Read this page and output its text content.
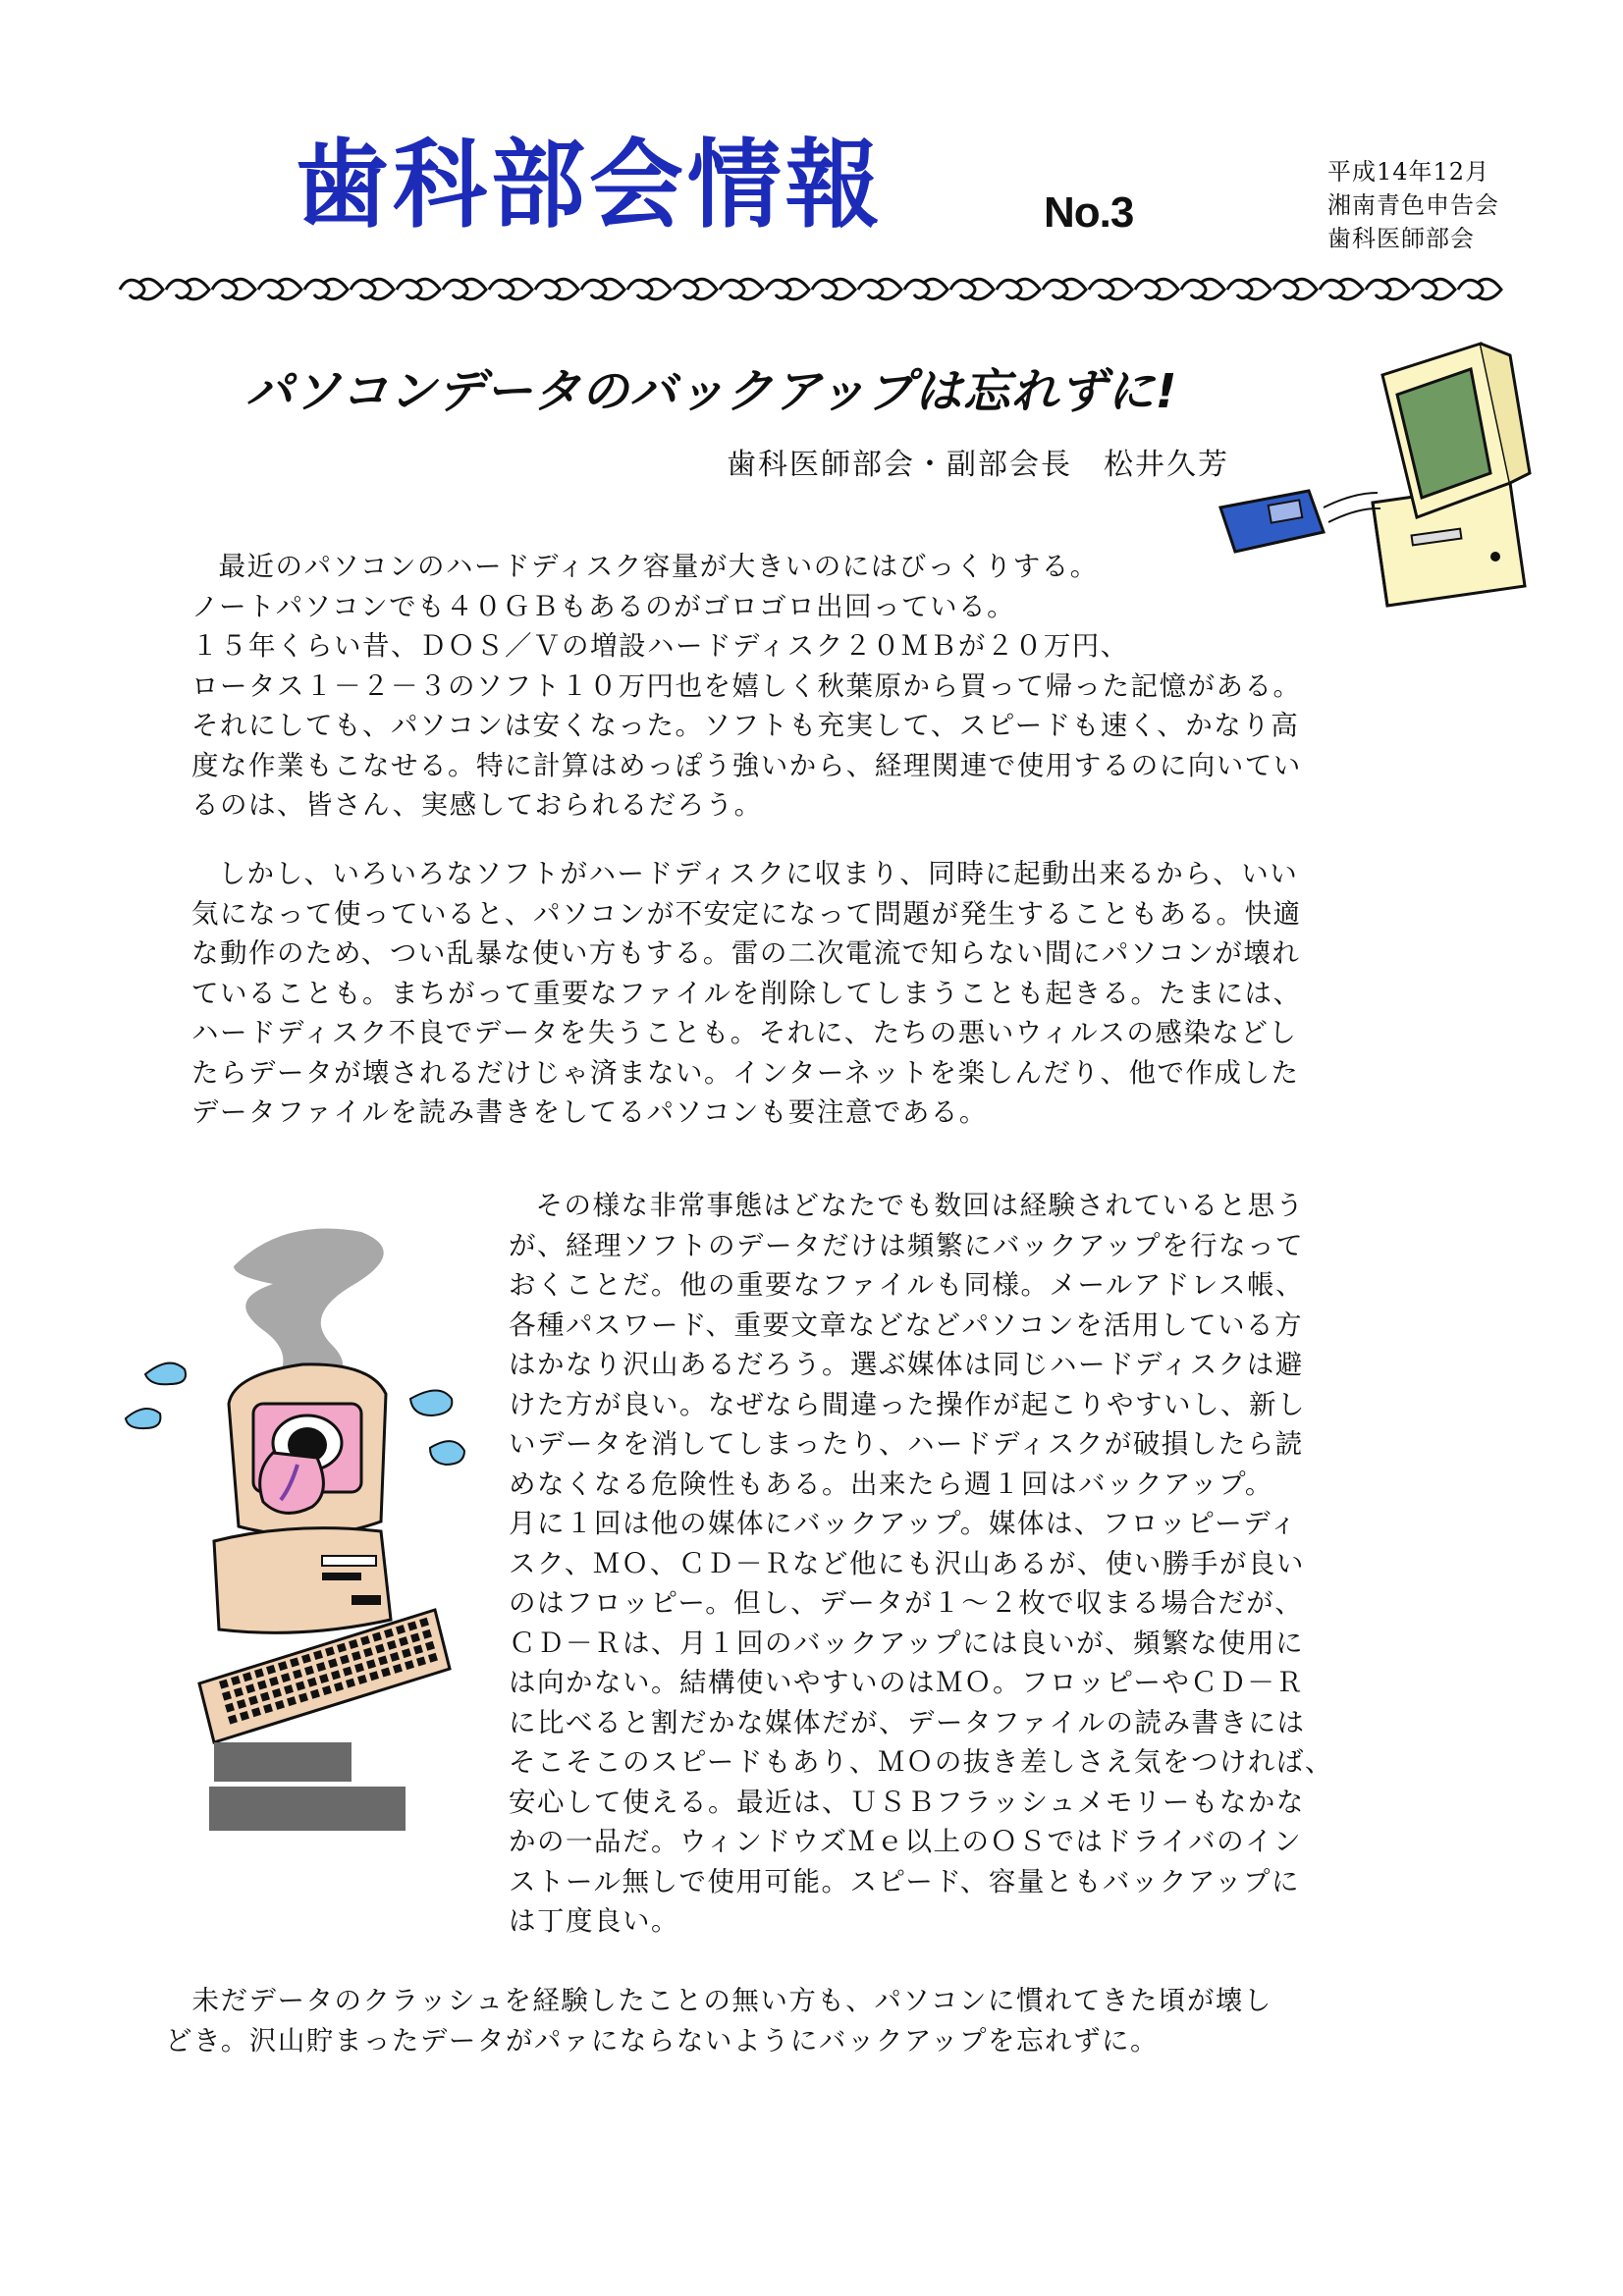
歯科部会情報	No.3
平成14年12月
湘南青色申告会
歯科医師部会
パソコンデータのバックアップは忘れずに!
歯科医師部会・副部会長　松井久芳

最近のパソコンのハードディスク容量が大きいのにはびっくりする。
ノートパソコンでも４０ＧＢもあるのがゴロゴロ出回っている。
１５年くらい昔、ＤＯＳ／Ｖの増設ハードディスク２０ＭＢが２０万円、
ロータス１－２－３のソフト１０万円也を嬉しく秋葉原から買って帰った記憶がある。
それにしても、パソコンは安くなった。ソフトも充実して、スピードも速く、かなり高
度な作業もこなせる。特に計算はめっぽう強いから、経理関連で使用するのに向いてい
るのは、皆さん、実感しておられるだろう。

しかし、いろいろなソフトがハードディスクに収まり、同時に起動出来るから、いい
気になって使っていると、パソコンが不安定になって問題が発生することもある。快適
な動作のため、つい乱暴な使い方もする。雷の二次電流で知らない間にパソコンが壊れ
ていることも。まちがって重要なファイルを削除してしまうことも起きる。たまには、
ハードディスク不良でデータを失うことも。それに、たちの悪いウィルスの感染などし
たらデータが壊されるだけじゃ済まない。インターネットを楽しんだり、他で作成した
データファイルを読み書きをしてるパソコンも要注意である。

その様な非常事態はどなたでも数回は経験されていると思う
が、経理ソフトのデータだけは頻繁にバックアップを行なって
おくことだ。他の重要なファイルも同様。メールアドレス帳、
各種パスワード、重要文章などなどパソコンを活用している方
はかなり沢山あるだろう。選ぶ媒体は同じハードディスクは避
けた方が良い。なぜなら間違った操作が起こりやすいし、新し
いデータを消してしまったり、ハードディスクが破損したら読
めなくなる危険性もある。出来たら週１回はバックアップ。
月に１回は他の媒体にバックアップ。媒体は、フロッピーディ
スク、ＭＯ、ＣＤ－Ｒなど他にも沢山あるが、使い勝手が良い
のはフロッピー。但し、データが１～２枚で収まる場合だが、
ＣＤ－Ｒは、月１回のバックアップには良いが、頻繁な使用に
は向かない。結構使いやすいのはＭＯ。フロッピーやＣＤ－Ｒ
に比べると割だかな媒体だが、データファイルの読み書きには
そこそこのスピードもあり、ＭＯの抜き差しさえ気をつければ、
安心して使える。最近は、ＵＳＢフラッシュメモリーもなかな
かの一品だ。ウィンドウズＭｅ以上のＯＳではドライバのイン
ストール無しで使用可能。スピード、容量ともバックアップに
は丁度良い。

未だデータのクラッシュを経験したことの無い方も、パソコンに慣れてきた頃が壊し
どき。沢山貯まったデータがパァにならないようにバックアップを忘れずに。
